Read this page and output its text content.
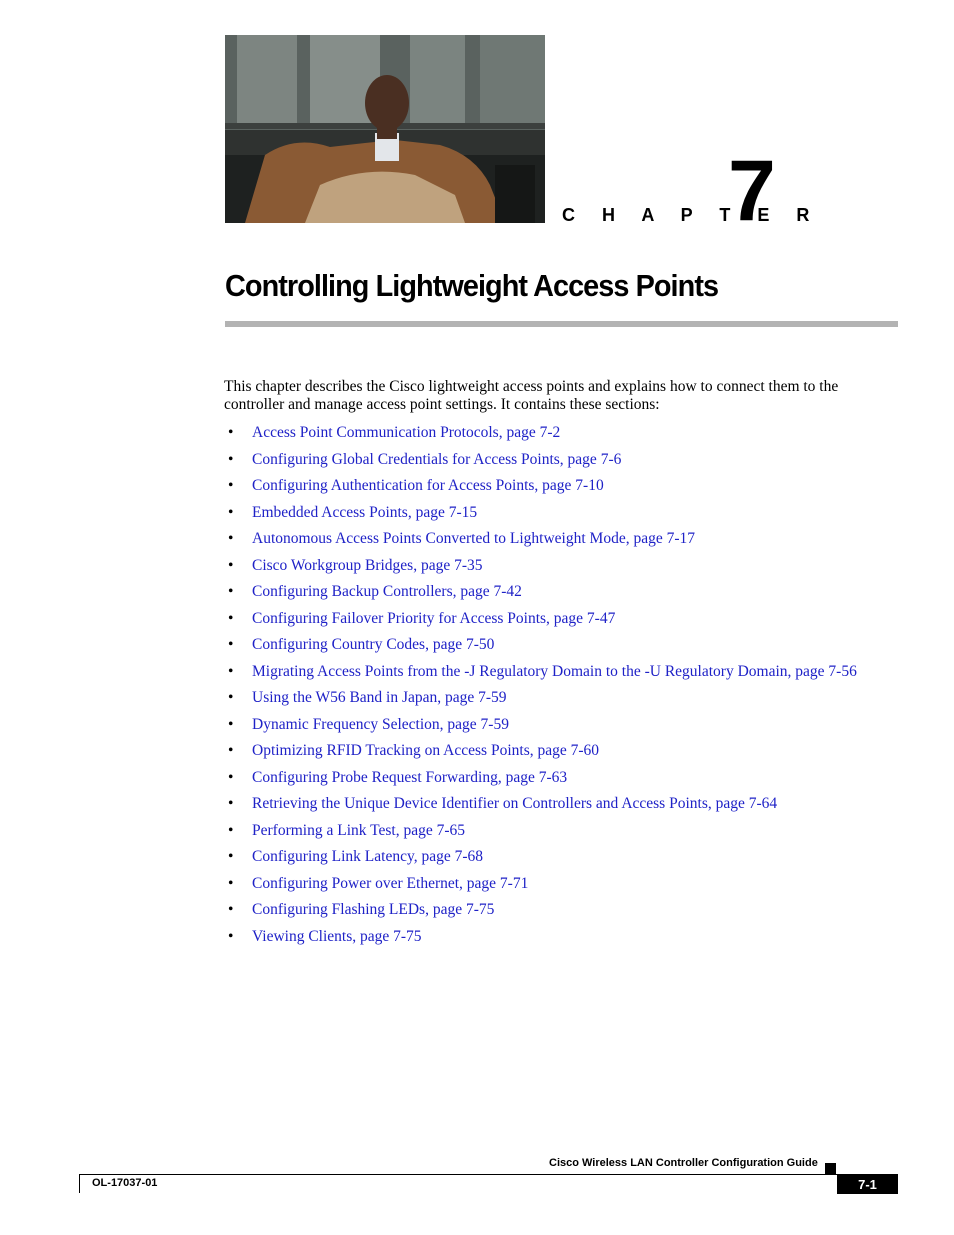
C H A P T E R
7
Controlling Lightweight Access Points

This chapter describes the Cisco lightweight access points and explains how to connect them to the controller and manage access point settings. It contains these sections:

• Access Point Communication Protocols, page 7-2
• Configuring Global Credentials for Access Points, page 7-6
• Configuring Authentication for Access Points, page 7-10
• Embedded Access Points, page 7-15
• Autonomous Access Points Converted to Lightweight Mode, page 7-17
• Cisco Workgroup Bridges, page 7-35
• Configuring Backup Controllers, page 7-42
• Configuring Failover Priority for Access Points, page 7-47
• Configuring Country Codes, page 7-50
• Migrating Access Points from the -J Regulatory Domain to the -U Regulatory Domain, page 7-56
• Using the W56 Band in Japan, page 7-59
• Dynamic Frequency Selection, page 7-59
• Optimizing RFID Tracking on Access Points, page 7-60
• Configuring Probe Request Forwarding, page 7-63
• Retrieving the Unique Device Identifier on Controllers and Access Points, page 7-64
• Performing a Link Test, page 7-65
• Configuring Link Latency, page 7-68
• Configuring Power over Ethernet, page 7-71
• Configuring Flashing LEDs, page 7-75
• Viewing Clients, page 7-75
Cisco Wireless LAN Controller Configuration Guide
OL-17037-01	7-1
